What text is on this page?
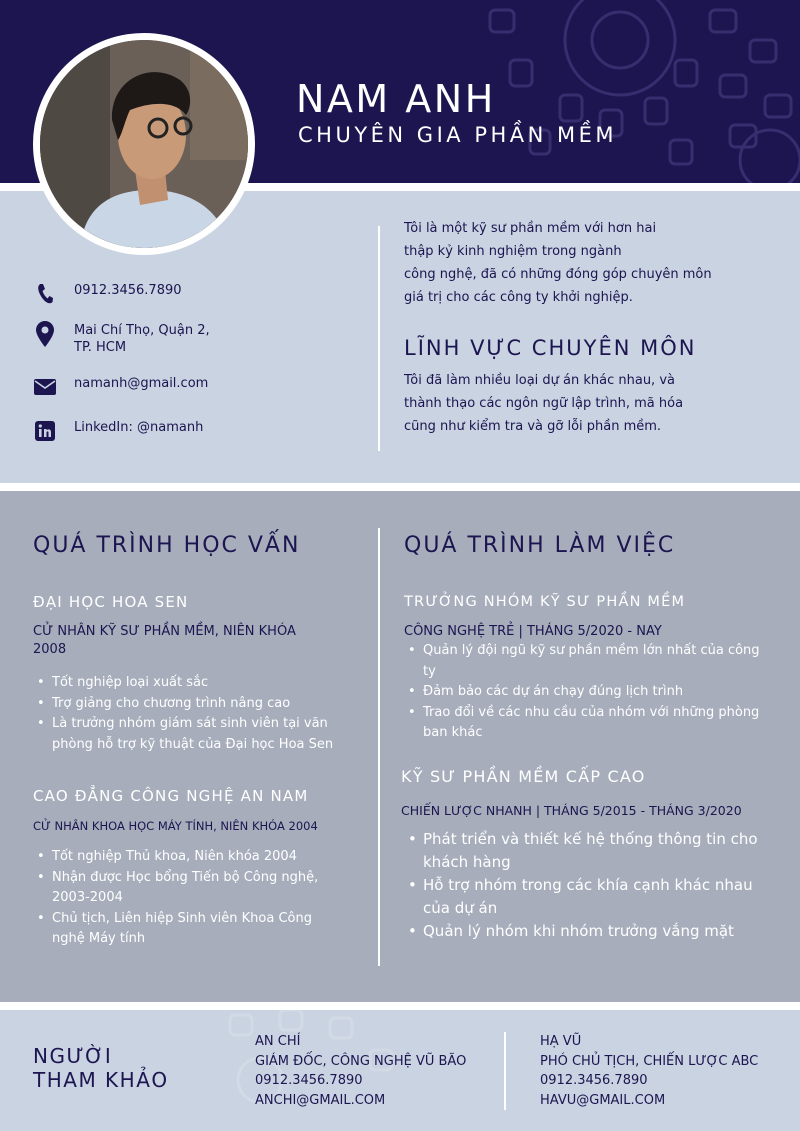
NAM ANH
CHUYÊN GIA PHẦN MỀM
0912.3456.7890
Mai Chí Thọ, Quận 2,
TP. HCM
namanh@gmail.com
LinkedIn: @namanh
Tôi là một kỹ sư phần mềm với hơn hai
thập kỷ kinh nghiệm trong ngành
công nghệ, đã có những đóng góp chuyên môn
giá trị cho các công ty khởi nghiệp.
LĨNH VỰC CHUYÊN MÔN
Tôi đã làm nhiều loại dự án khác nhau, và
thành thạo các ngôn ngữ lập trình, mã hóa
cũng như kiểm tra và gỡ lỗi phần mềm.
QUÁ TRÌNH HỌC VẤN
ĐẠI HỌC HOA SEN
CỬ NHÂN KỸ SƯ PHẦN MỀM, NIÊN KHÓA 2008
• Tốt nghiệp loại xuất sắc
• Trợ giảng cho chương trình nâng cao
• Là trưởng nhóm giám sát sinh viên tại văn phòng hỗ trợ kỹ thuật của Đại học Hoa Sen
CAO ĐẲNG CÔNG NGHỆ AN NAM
CỬ NHÂN KHOA HỌC MÁY TÍNH, NIÊN KHÓA 2004
• Tốt nghiệp Thủ khoa, Niên khóa 2004
• Nhận được Học bổng Tiến bộ Công nghệ, 2003-2004
• Chủ tịch, Liên hiệp Sinh viên Khoa Công nghệ Máy tính
QUÁ TRÌNH LÀM VIỆC
TRƯỞNG NHÓM KỸ SƯ PHẦN MỀM
CÔNG NGHỆ TRẺ | THÁNG 5/2020 - NAY
• Quản lý đội ngũ kỹ sư phần mềm lớn nhất của công ty
• Đảm bảo các dự án chạy đúng lịch trình
• Trao đổi về các nhu cầu của nhóm với những phòng ban khác
KỸ SƯ PHẦN MỀM CẤP CAO
CHIẾN LƯỢC NHANH | THÁNG 5/2015 - THÁNG 3/2020
• Phát triển và thiết kế hệ thống thông tin cho khách hàng
• Hỗ trợ nhóm trong các khía cạnh khác nhau của dự án
• Quản lý nhóm khi nhóm trưởng vắng mặt
NGƯỜI
THAM KHẢO
AN CHÍ
GIÁM ĐỐC, CÔNG NGHỆ VŨ BÃO
0912.3456.7890
ANCHI@GMAIL.COM
HẠ VŨ
PHÓ CHỦ TỊCH, CHIẾN LƯỢC ABC
0912.3456.7890
HAVU@GMAIL.COM
